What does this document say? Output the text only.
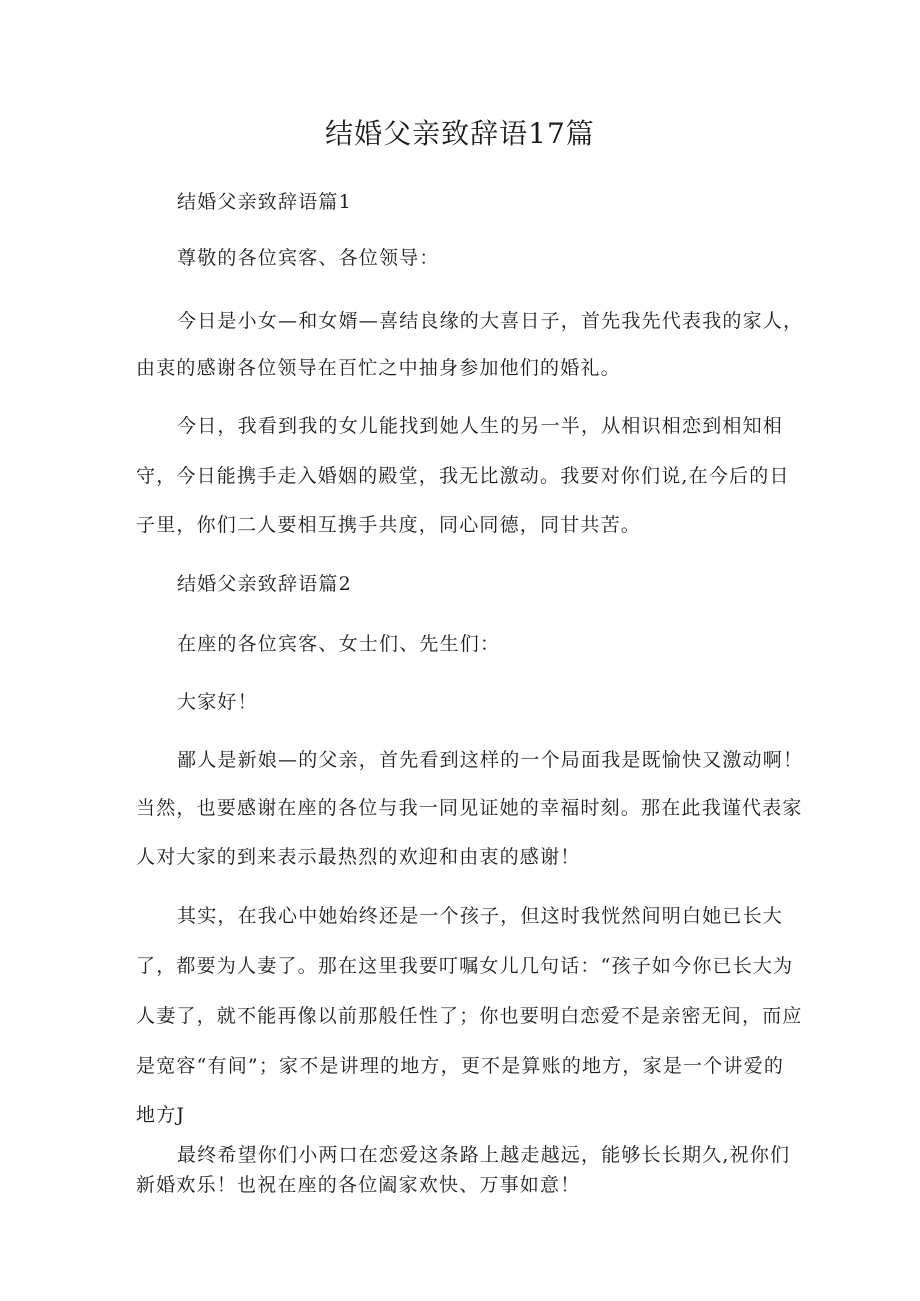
结婚父亲致辞语17篇
结婚父亲致辞语篇1
尊敬的各位宾客、各位领导：
今日是小女—和女婿—喜结良缘的大喜日子，首先我先代表我的家人，
由衷的感谢各位领导在百忙之中抽身参加他们的婚礼。
今日，我看到我的女儿能找到她人生的另一半，从相识相恋到相知相
守，今日能携手走入婚姻的殿堂，我无比激动。我要对你们说,在今后的日
子里，你们二人要相互携手共度，同心同德，同甘共苦。
结婚父亲致辞语篇2
在座的各位宾客、女士们、先生们：
大家好！
鄙人是新娘—的父亲，首先看到这样的一个局面我是既愉快又激动啊！
当然，也要感谢在座的各位与我一同见证她的幸福时刻。那在此我谨代表家
人对大家的到来表示最热烈的欢迎和由衷的感谢！
其实，在我心中她始终还是一个孩子，但这时我恍然间明白她已长大
了，都要为人妻了。那在这里我要叮嘱女儿几句话：“孩子如今你已长大为
人妻了，就不能再像以前那般任性了；你也要明白恋爱不是亲密无间，而应
是宽容“有间”；家不是讲理的地方，更不是算账的地方，家是一个讲爱的
地方J
最终希望你们小两口在恋爱这条路上越走越远，能够长长期久,祝你们
新婚欢乐！也祝在座的各位阖家欢快、万事如意！
